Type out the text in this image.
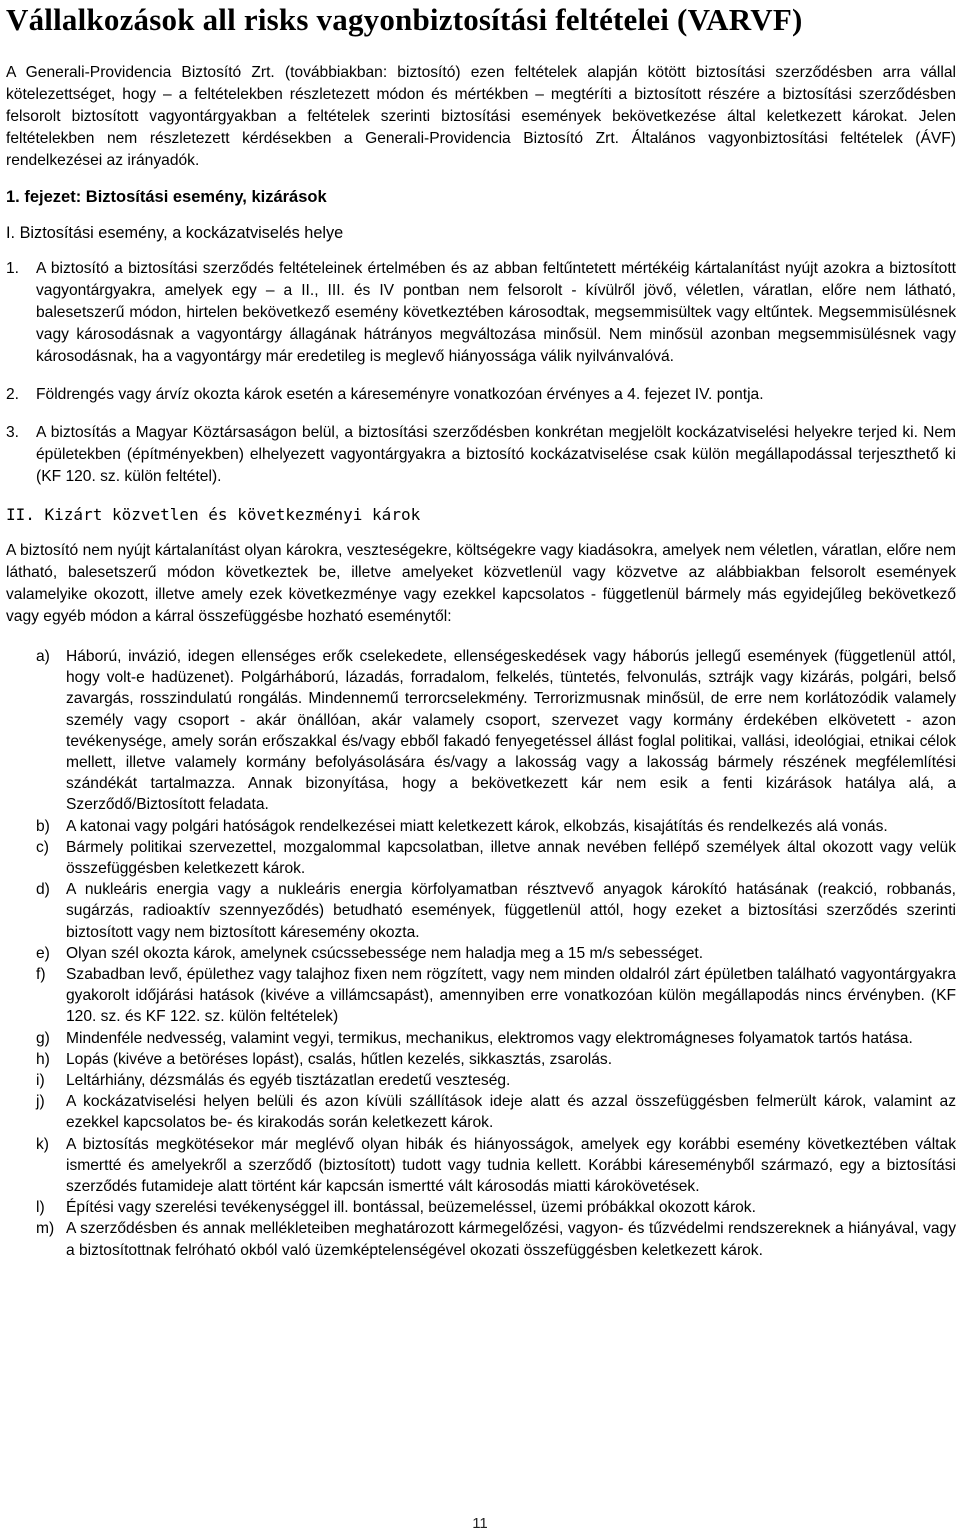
Vállalkozások all risks vagyonbiztosítási feltételei (VARVF)

A Generali-Providencia Biztosító Zrt. (továbbiakban: biztosító) ezen feltételek alapján kötött biztosítási szerződésben arra vállal kötelezettséget, hogy – a feltételekben részletezett módon és mértékben – megtéríti a biztosított részére a biztosítási szerződésben felsorolt biztosított vagyontárgyakban a feltételek szerinti biztosítási események bekövetkezése által keletkezett károkat. Jelen feltételekben nem részletezett kérdésekben a Generali-Providencia Biztosító Zrt. Általános vagyonbiztosítási feltételek (ÁVF) rendelkezései az irányadók.

1. fejezet: Biztosítási esemény, kizárások
I. Biztosítási esemény, a kockázatviselés helye
1.	A biztosító a biztosítási szerződés feltételeinek értelmében és az abban feltűntetett mértékéig kártalanítást nyújt azokra a biztosított vagyontárgyakra, amelyek egy – a II., III. és IV pontban nem felsorolt - kívülről jövő, véletlen, váratlan, előre nem látható, balesetszerű módon, hirtelen bekövetkező esemény következtében károsodtak, megsemmisültek vagy eltűntek. Megsemmisülésnek vagy károsodásnak a vagyontárgy állagának hátrányos megváltozása minősül. Nem minősül azonban megsemmisülésnek vagy károsodásnak, ha a vagyontárgy már eredetileg is meglevő hiányossága válik nyilvánvalóvá.

2.	Földrengés vagy árvíz okozta károk esetén a káreseményre vonatkozóan érvényes a 4. fejezet IV. pontja.

3.	A biztosítás a Magyar Köztársaságon belül, a biztosítási szerződésben konkrétan megjelölt kockázatviselési helyekre terjed ki. Nem épületekben (építményekben) elhelyezett vagyontárgyakra a biztosító kockázatviselése csak külön megállapodással terjeszthető ki (KF 120. sz. külön feltétel).

II. Kizárt közvetlen és következményi károk

A biztosító nem nyújt kártalanítást olyan károkra, veszteségekre, költségekre vagy kiadásokra, amelyek nem véletlen, váratlan, előre nem látható, balesetszerű módon következtek be, illetve amelyeket közvetlenül vagy közvetve az alábbiakban felsorolt események valamelyike okozott, illetve amely ezek következménye vagy ezekkel kapcsolatos - függetlenül bármely más egyidejűleg bekövetkező vagy egyéb módon a kárral összefüggésbe hozható eseménytől:

a)	Háború, invázió, idegen ellenséges erők cselekedete, ellenségeskedések vagy háborús jellegű események (függetlenül attól, hogy volt-e hadüzenet). Polgárháború, lázadás, forradalom, felkelés, tüntetés, felvonulás, sztrájk vagy kizárás, polgári, belső zavargás, rosszindulatú rongálás. Mindennemű terrorcselekmény. Terrorizmusnak minősül, de erre nem korlátozódik valamely személy vagy csoport - akár önállóan, akár valamely csoport, szervezet vagy kormány érdekében elkövetett - azon tevékenysége, amely során erőszakkal és/vagy ebből fakadó fenyegetéssel állást foglal politikai, vallási, ideológiai, etnikai célok mellett, illetve valamely kormány befolyásolására és/vagy a lakosság vagy a lakosság bármely részének megfélemlítési szándékát tartalmazza. Annak bizonyítása, hogy a bekövetkezett kár nem esik a fenti kizárások hatálya alá, a Szerződő/Biztosított feladata.

b)	A katonai vagy polgári hatóságok rendelkezései miatt keletkezett károk, elkobzás, kisajátítás és rendelkezés alá vonás.

c)	Bármely politikai szervezettel, mozgalommal kapcsolatban, illetve annak nevében fellépő személyek által okozott vagy velük összefüggésben keletkezett károk.

d)	A nukleáris energia vagy a nukleáris energia körfolyamatban résztvevő anyagok károkító hatásának (reakció, robbanás, sugárzás, radioaktív szennyeződés) betudható események, függetlenül attól, hogy ezeket a biztosítási szerződés szerinti biztosított vagy nem biztosított káresemény okozta.

e)	Olyan szél okozta károk, amelynek csúcssebessége nem haladja meg a 15 m/s sebességet.

f)	Szabadban levő, épülethez vagy talajhoz fixen nem rögzített, vagy nem minden oldalról zárt épületben található vagyontárgyakra gyakorolt időjárási hatások (kivéve a villámcsapást), amennyiben erre vonatkozóan külön megállapodás nincs érvényben. (KF 120. sz. és KF 122. sz. külön feltételek)

g)	Mindenféle nedvesség, valamint vegyi, termikus, mechanikus, elektromos vagy elektromágneses folyamatok tartós hatása.

h)	Lopás (kivéve a betöréses lopást), csalás, hűtlen kezelés, sikkasztás, zsarolás.

i)	Leltárhiány, dézsmálás és egyéb tisztázatlan eredetű veszteség.

j)	A kockázatviselési helyen belüli és azon kívüli szállítások ideje alatt és azzal összefüggésben felmerült károk, valamint az ezekkel kapcsolatos be- és kirakodás során keletkezett károk.

k)	A biztosítás megkötésekor már meglévő olyan hibák és hiányosságok, amelyek egy korábbi esemény következtében váltak ismertté és amelyekről a szerződő (biztosított) tudott vagy tudnia kellett. Korábbi káreseményből származó, egy a biztosítási szerződés futamideje alatt történt kár kapcsán ismertté vált károsodás miatti károkövetések.

l)	Építési vagy szerelési tevékenységgel ill. bontással, beüzemeléssel, üzemi próbákkal okozott károk.

m) A szerződésben és annak mellékleteiben meghatározott kármegelőzési, vagyon- és tűzvédelmi rendszereknek a hiányával, vagy a biztosítottnak felróható okból való üzemképtelenségével okozati összefüggésben keletkezett károk.

11
